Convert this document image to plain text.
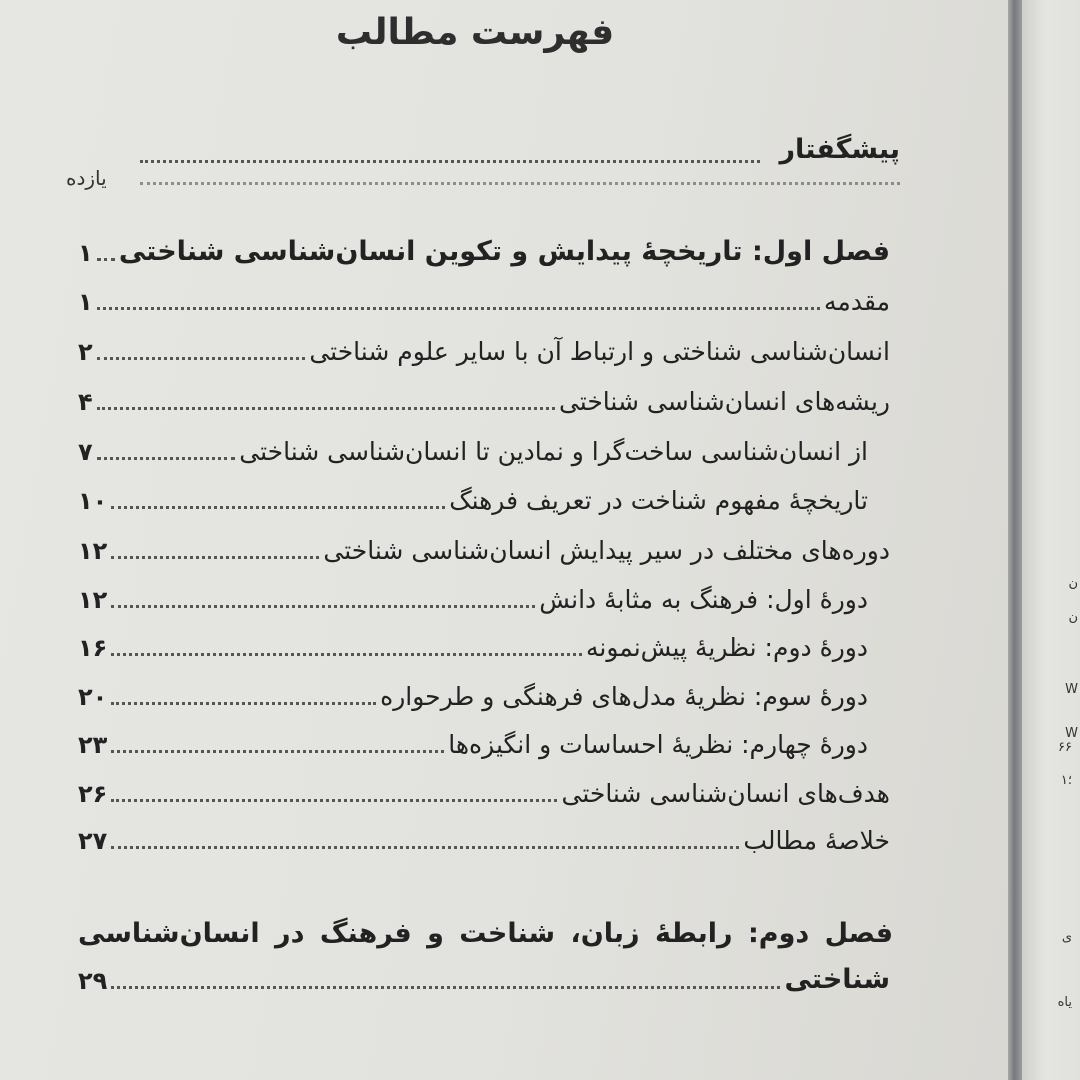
فهرست مطالب
پیشگفتار
یازده
فصل اول: تاریخچۀ پیدایش و تکوین انسان‌شناسی شناختی
۱
مقدمه
۱
انسان‌شناسی شناختی و ارتباط آن با سایر علوم شناختی
۲
ریشه‌های انسان‌شناسی شناختی
۴
از انسان‌شناسی ساخت‌گرا و نمادین تا انسان‌شناسی شناختی
۷
تاریخچۀ مفهوم شناخت در تعریف فرهنگ
۱۰
دوره‌های مختلف در سیر پیدایش انسان‌شناسی شناختی
۱۲
دورۀ اول: فرهنگ به مثابۀ دانش
۱۲
دورۀ دوم: نظریۀ پیش‌نمونه
۱۶
دورۀ سوم: نظریۀ مدل‌های فرهنگی و طرحواره
۲۰
دورۀ چهارم: نظریۀ احساسات و انگیزه‌ها
۲۳
هدف‌های انسان‌شناسی شناختی
۲۶
خلاصۀ مطالب
۲۷
فصل دوم: رابطۀ زبان، شناخت و فرهنگ در انسان‌شناسی
شناختی
۲۹
ن
ن
W
W
۶۶
۱؛
ی
یاه
